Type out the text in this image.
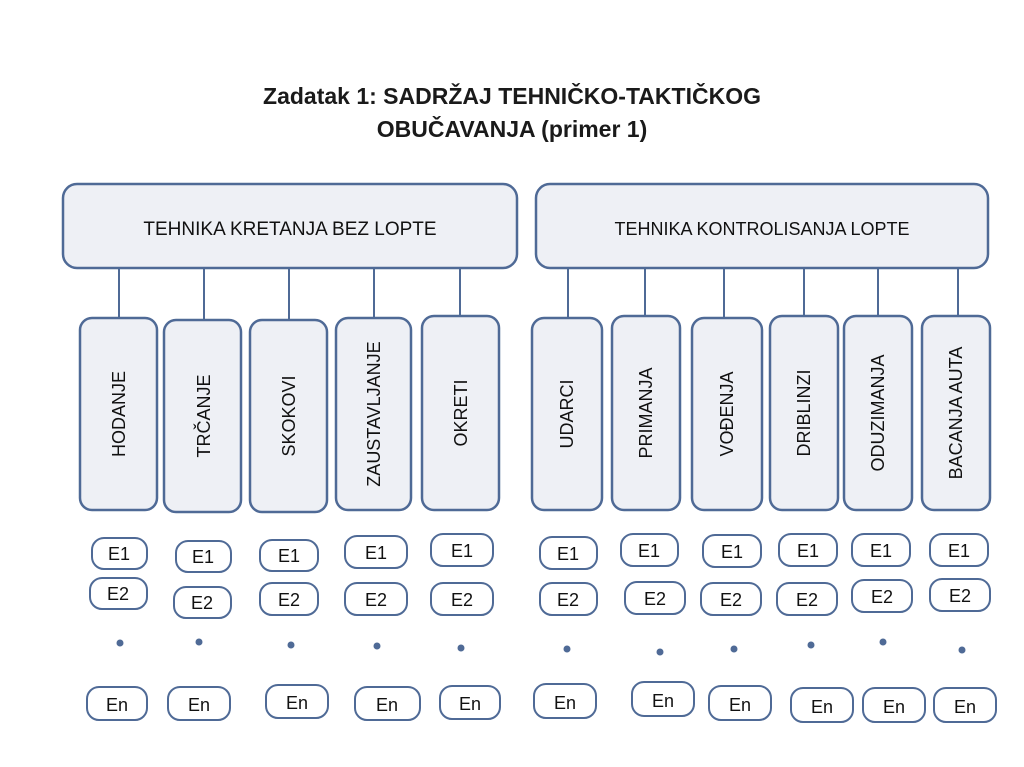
Zadatak 1: SADRŽAJ TEHNIČKO-TAKTIČKOG
OBUČAVANJA (primer 1)
TEHNIKA KRETANJA BEZ LOPTE	TEHNIKA KONTROLISANJA LOPTE
HODANJE	TRČANJE	SKOKOVI	ZAUSTAVLJANJE	OKRETI	UDARCI	PRIMANJA	VOĐENJA	DRIBLINZI	ODUZIMANJA	BACANJA AUTA
E1	E1	E1	E1	E1	E1	E1	E1	E1	E1	E1
E2	E2	E2	E2	E2	E2	E2	E2	E2	E2	E2
En	En	En	En	En	En	En	En	En	En	En
